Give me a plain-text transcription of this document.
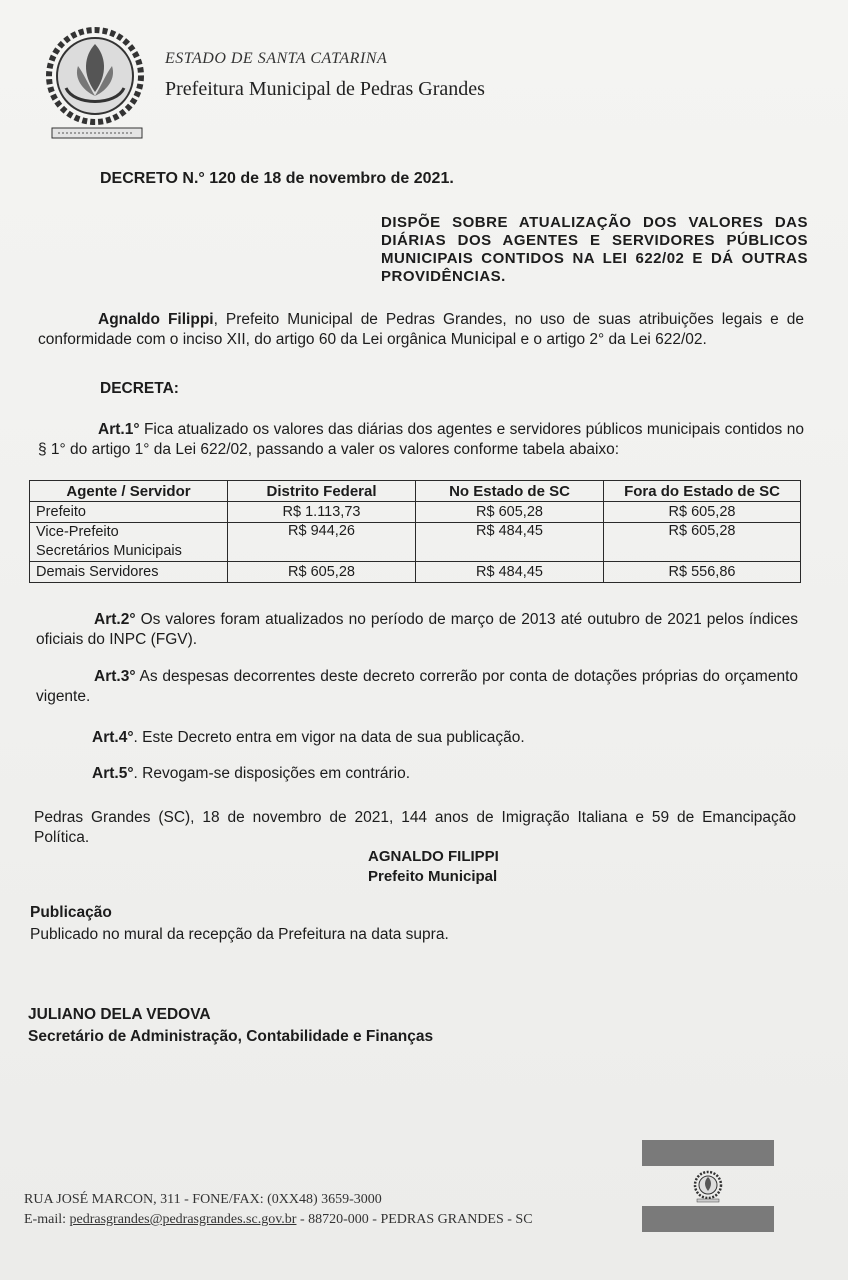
ESTADO DE SANTA CATARINA
Prefeitura Municipal de Pedras Grandes
DECRETO N.° 120 de 18 de novembro de 2021.
DISPÕE SOBRE ATUALIZAÇÃO DOS VALORES DAS DIÁRIAS DOS AGENTES E SERVIDORES PÚBLICOS MUNICIPAIS CONTIDOS NA LEI 622/02 E DÁ OUTRAS PROVIDÊNCIAS.
Agnaldo Filippi, Prefeito Municipal de Pedras Grandes, no uso de suas atribuições legais e de conformidade com o inciso XII, do artigo 60 da Lei orgânica Municipal e o artigo 2° da Lei 622/02.
DECRETA:
Art.1° Fica atualizado os valores das diárias dos agentes e servidores públicos municipais contidos no § 1° do artigo 1° da Lei 622/02, passando a valer os valores conforme tabela abaixo:
Agente / Servidor	Distrito Federal	No Estado de SC	Fora do Estado de SC
Prefeito	R$ 1.113,73	R$ 605,28	R$ 605,28

Vice-Prefeito
Secretários Municipais	R$ 944,26	R$ 484,45	R$ 605,28
Demais Servidores	R$ 605,28	R$ 484,45	R$ 556,86
Art.2° Os valores foram atualizados no período de março de 2013 até outubro de 2021 pelos índices oficiais do INPC (FGV).
Art.3° As despesas decorrentes deste decreto correrão por conta de dotações próprias do orçamento vigente.
Art.4°. Este Decreto entra em vigor na data de sua publicação.
Art.5°. Revogam-se disposições em contrário.
Pedras Grandes (SC), 18 de novembro de 2021, 144 anos de Imigração Italiana e 59 de Emancipação Política.
AGNALDO FILIPPI
Prefeito Municipal
Publicação
Publicado no mural da recepção da Prefeitura na data supra.
JULIANO DELA VEDOVA
Secretário de Administração, Contabilidade e Finanças
RUA JOSÉ MARCON, 311 - FONE/FAX: (0XX48) 3659-3000
E-mail: pedrasgrandes@pedrasgrandes.sc.gov.br - 88720-000 - PEDRAS GRANDES - SC
